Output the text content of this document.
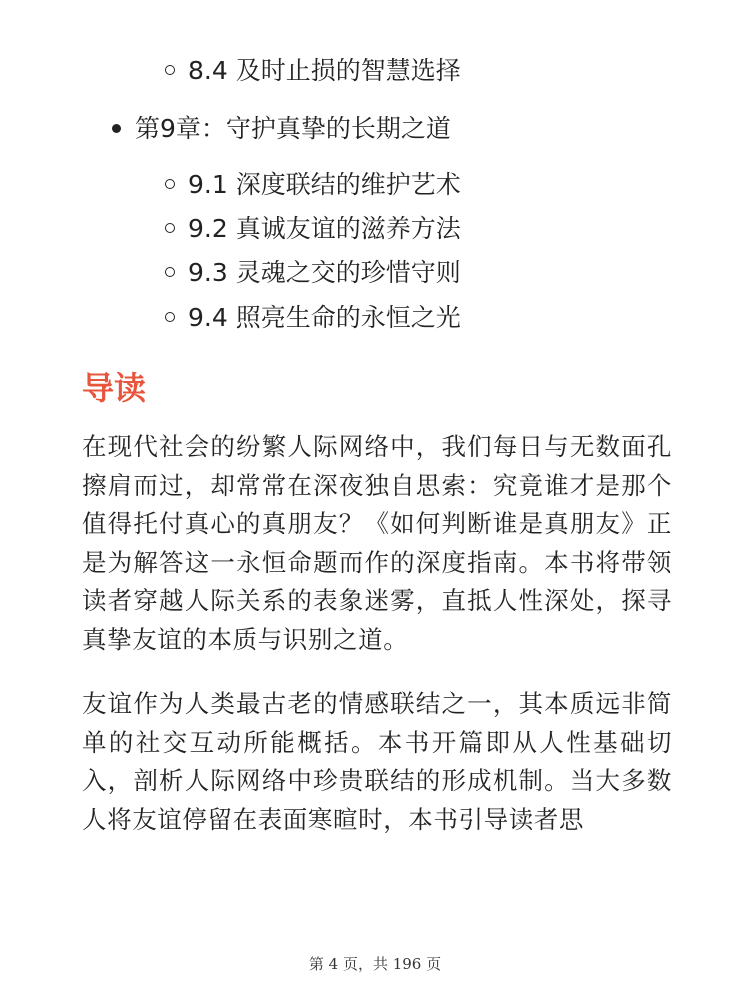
8.4 及时止损的智慧选择
第9章：守护真挚的长期之道
9.1 深度联结的维护艺术
9.2 真诚友谊的滋养方法
9.3 灵魂之交的珍惜守则
9.4 照亮生命的永恒之光
导读

在现代社会的纷繁人际网络中，我们每日与无数面孔擦肩而过，却常常在深夜独自思索：究竟谁才是那个值得托付真心的真朋友？《如何判断谁是真朋友》正是为解答这一永恒命题而作的深度指南。本书将带领读者穿越人际关系的表象迷雾，直抵人性深处，探寻真挚友谊的本质与识别之道。

友谊作为人类最古老的情感联结之一，其本质远非简单的社交互动所能概括。本书开篇即从人性基础切入，剖析人际网络中珍贵联结的形成机制。当大多数人将友谊停留在表面寒暄时，本书引导读者思

第 4 页，共 196 页
